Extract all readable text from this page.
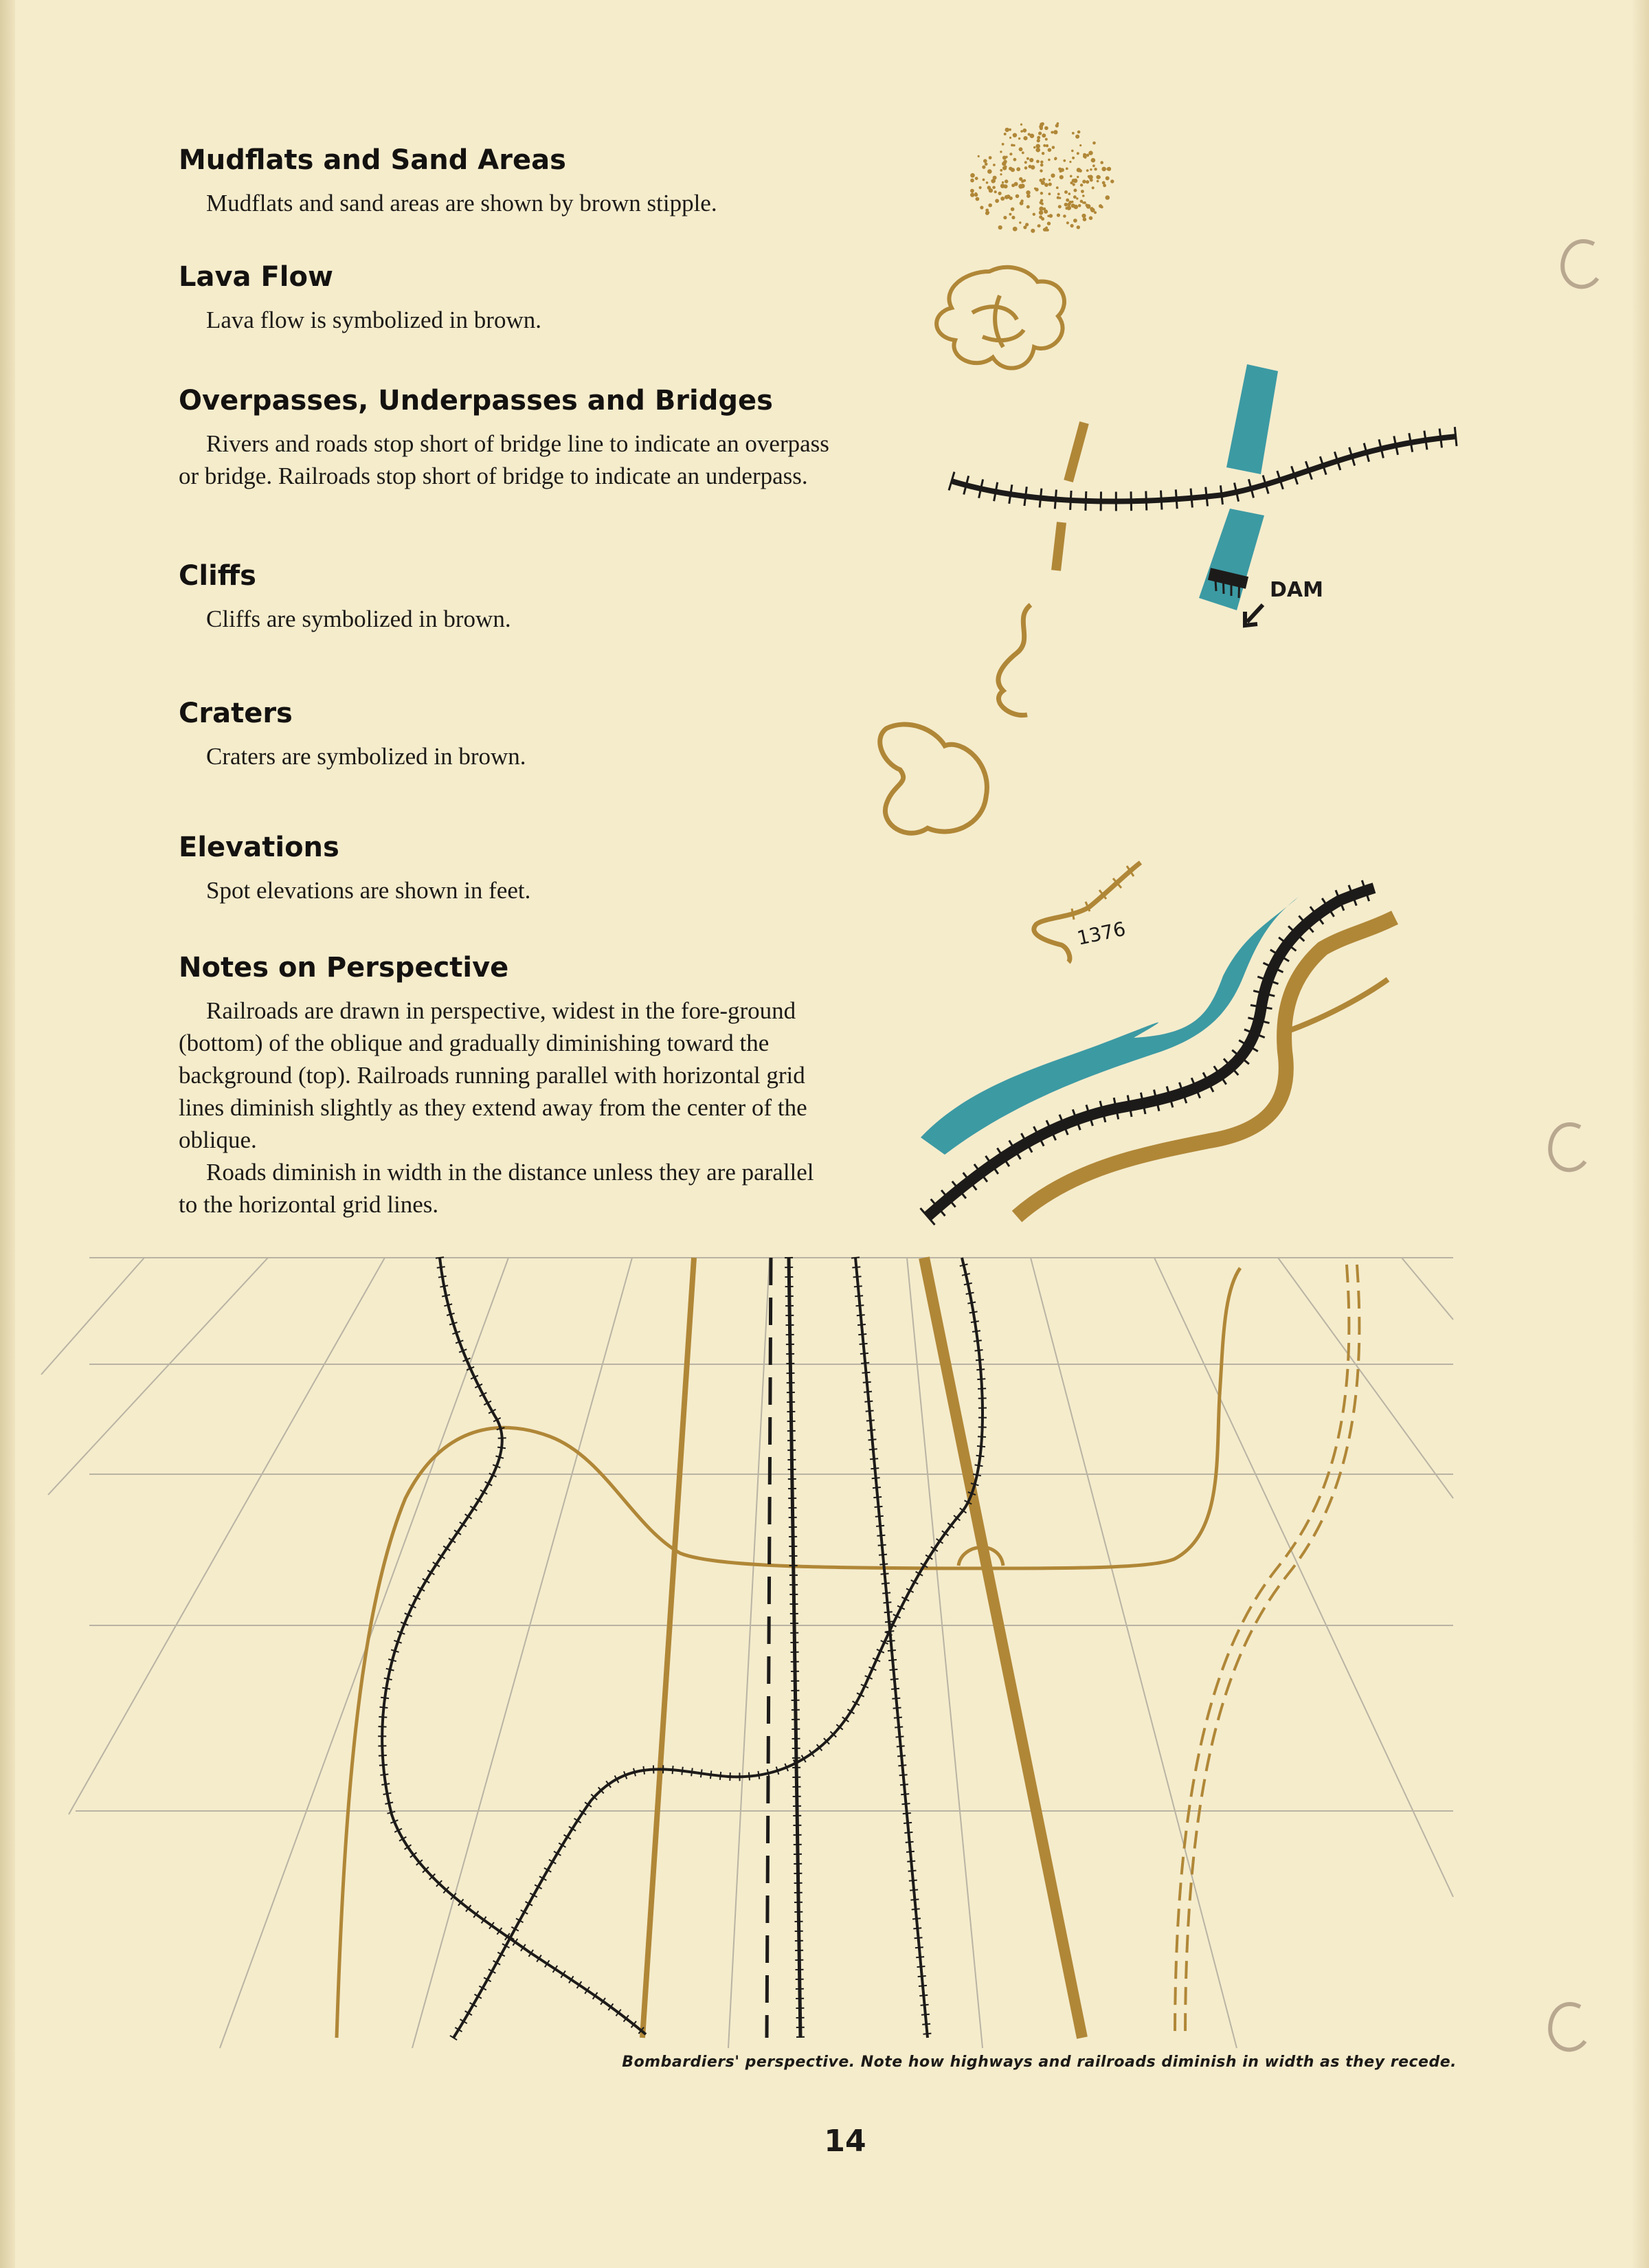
Mudflats and Sand Areas

Mudflats and sand areas are shown by brown stipple.

Lava Flow

Lava flow is symbolized in brown.

Overpasses, Underpasses and Bridges

Rivers and roads stop short of bridge line to indicate an overpass or bridge. Railroads stop short of bridge to indicate an underpass.

Cliffs

Cliffs are symbolized in brown.

Craters

Craters are symbolized in brown.

Elevations

Spot elevations are shown in feet.

Notes on Perspective

Railroads are drawn in perspective, widest in the fore-ground (bottom) of the oblique and gradually diminishing toward the background (top). Railroads running parallel with horizontal grid lines diminish slightly as they extend away from the center of the oblique.

Roads diminish in width in the distance unless they are parallel to the horizontal grid lines.

DAM
1376
Bombardiers' perspective. Note how highways and railroads diminish in width as they recede.
14
